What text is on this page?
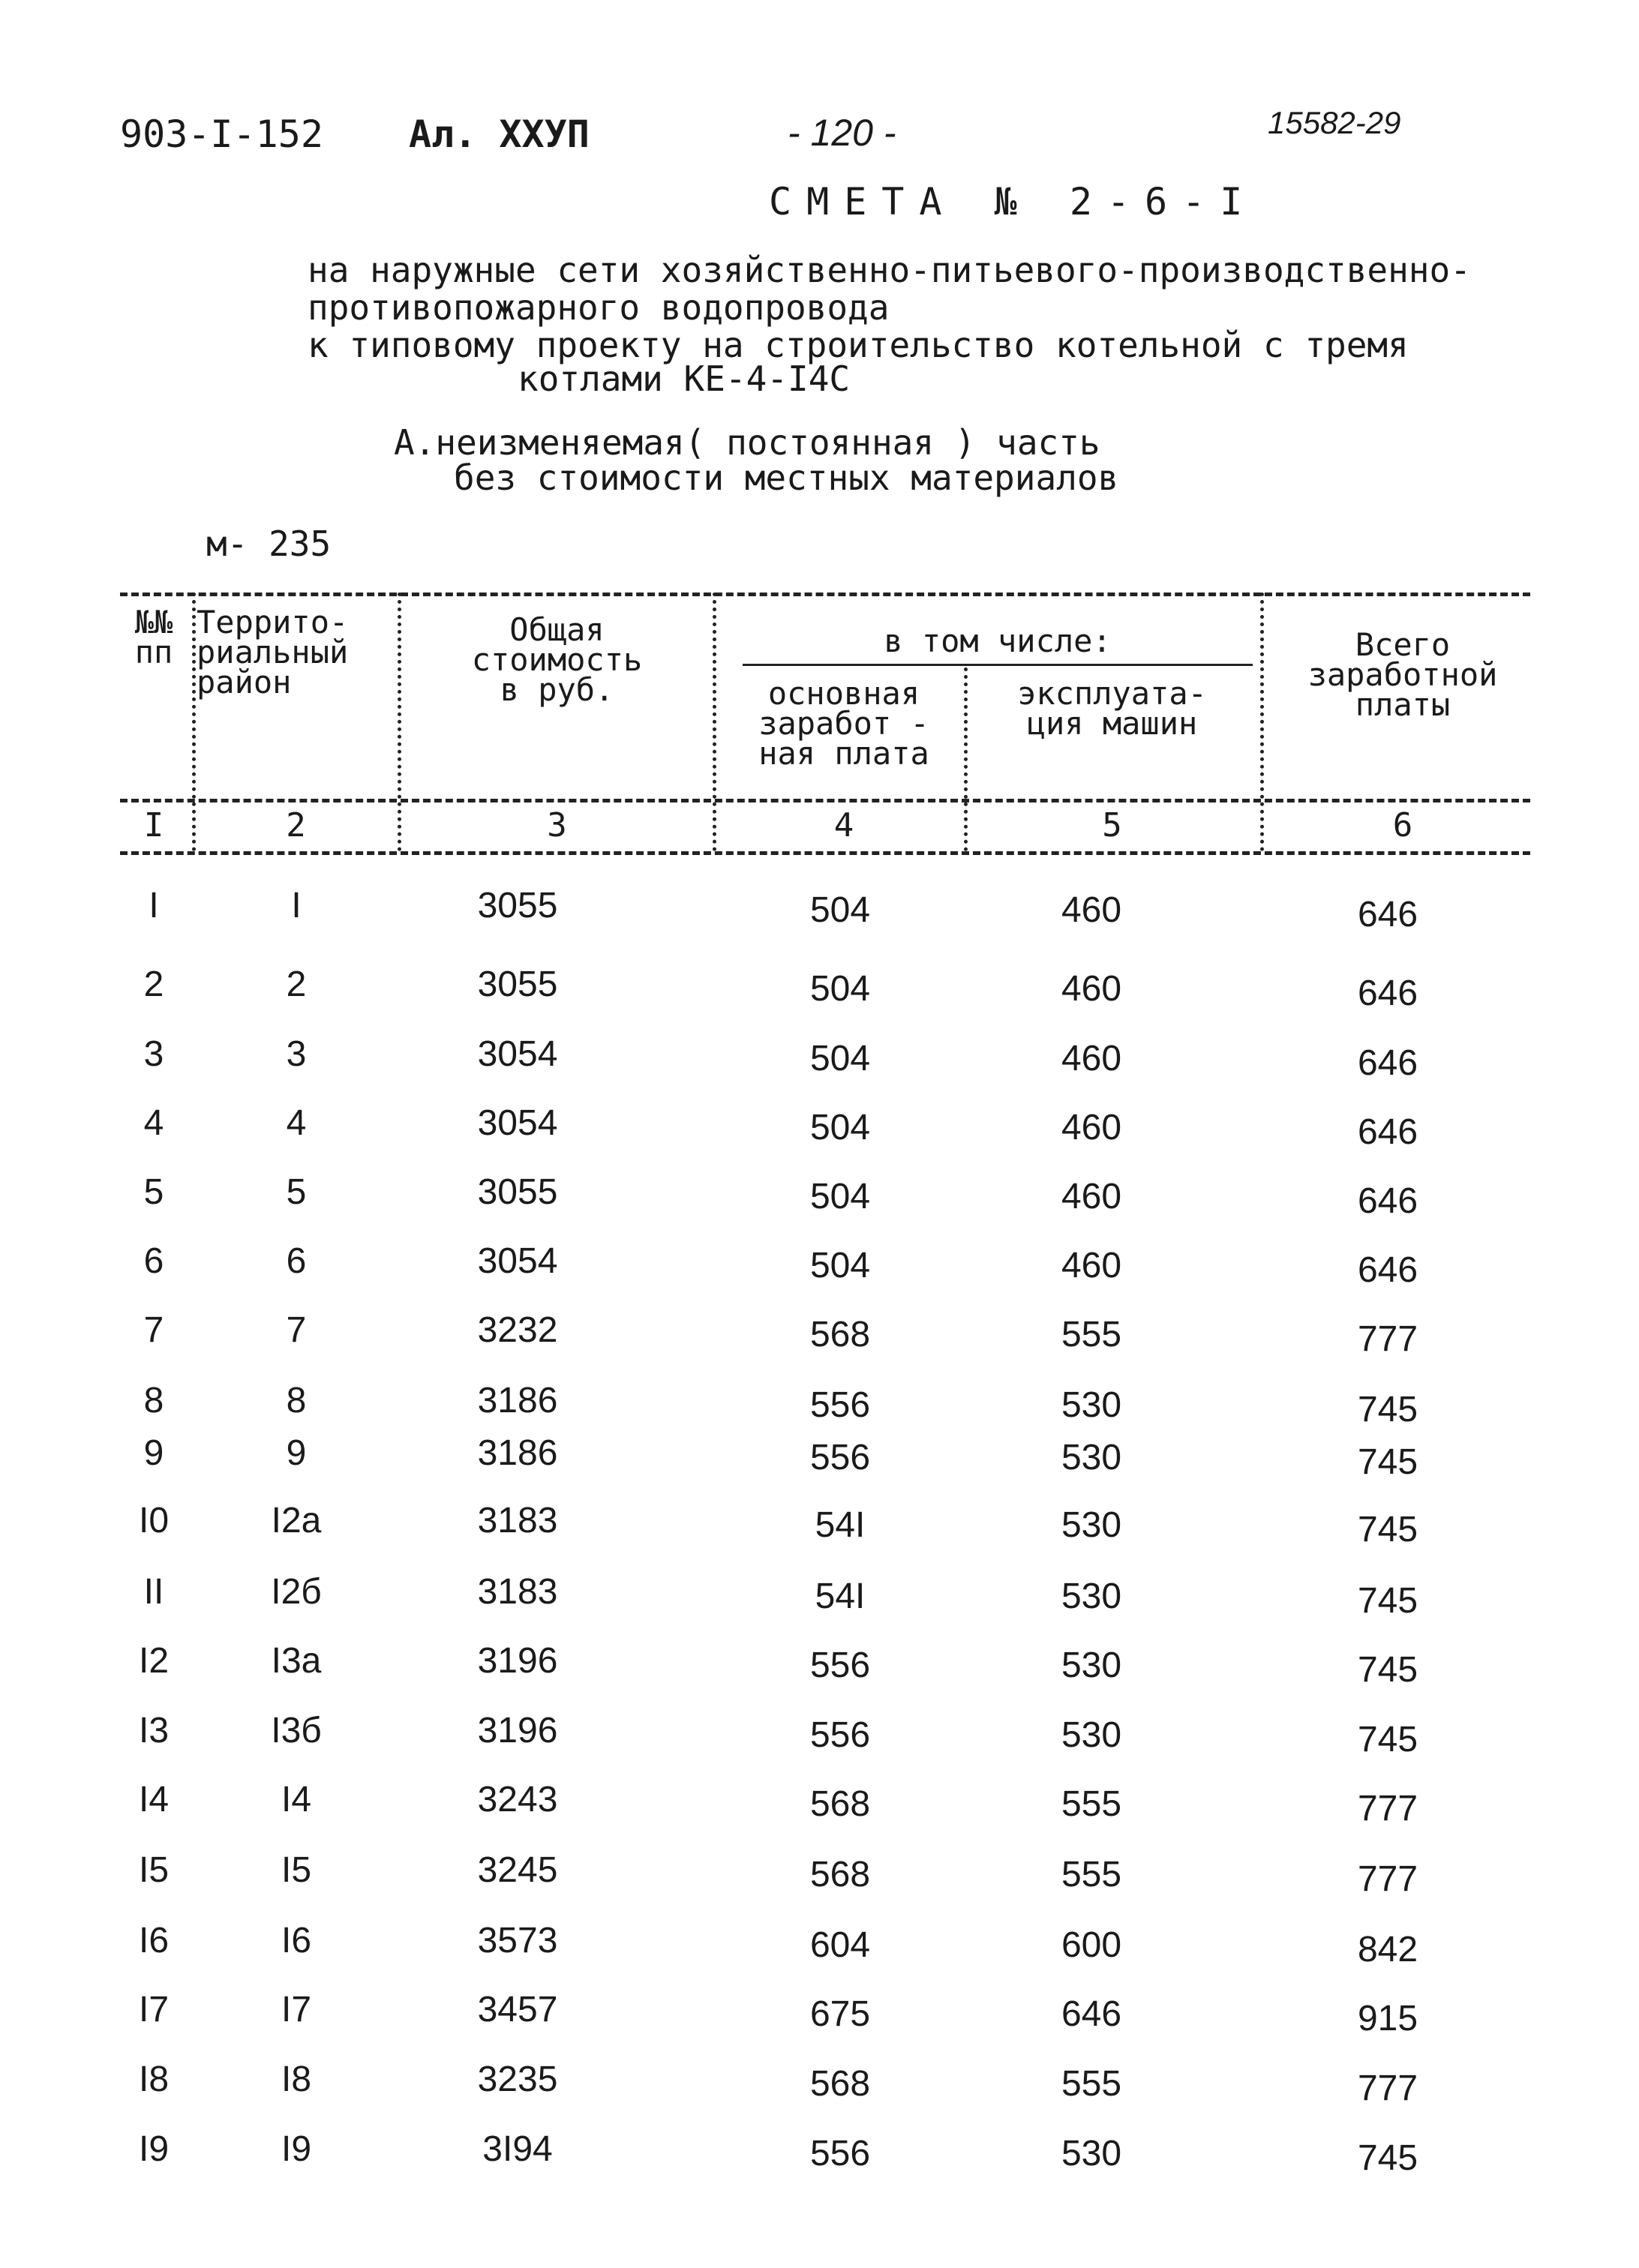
903-I-152 Ал. ХХУП	- 120 -	15582-29
СМЕТА № 2-6-I
на наружные сети хозяйственно-питьевого-производственно-
противопожарного водопровода
к типовому проекту на строительство котельной с тремя
котлами КЕ-4-I4C
А.неизменяемая( постоянная ) часть
без стоимости местных материалов
м- 235
№№
пп
Террито-
риальный
район
Общая
стоимость
в руб.
в том числе:
основная
заработ -
ная плата
эксплуата-
ция машин
Всего
заработной
платы
I	2	3	4	5	6
I	I	3055	504	460	646
2	2	3055	504	460	646
3	3	3054	504	460	646
4	4	3054	504	460	646
5	5	3055	504	460	646
6	6	3054	504	460	646
7	7	3232	568	555	777
8	8	3186	556	530	745
9	9	3186	556	530	745
I0	I2а	3183	54I	530	745
II	I2б	3183	54I	530	745
I2	I3а	3196	556	530	745
I3	I3б	3196	556	530	745
I4	I4	3243	568	555	777
I5	I5	3245	568	555	777
I6	I6	3573	604	600	842
I7	I7	3457	675	646	915
I8	I8	3235	568	555	777
I9	I9	3I94	556	530	745
